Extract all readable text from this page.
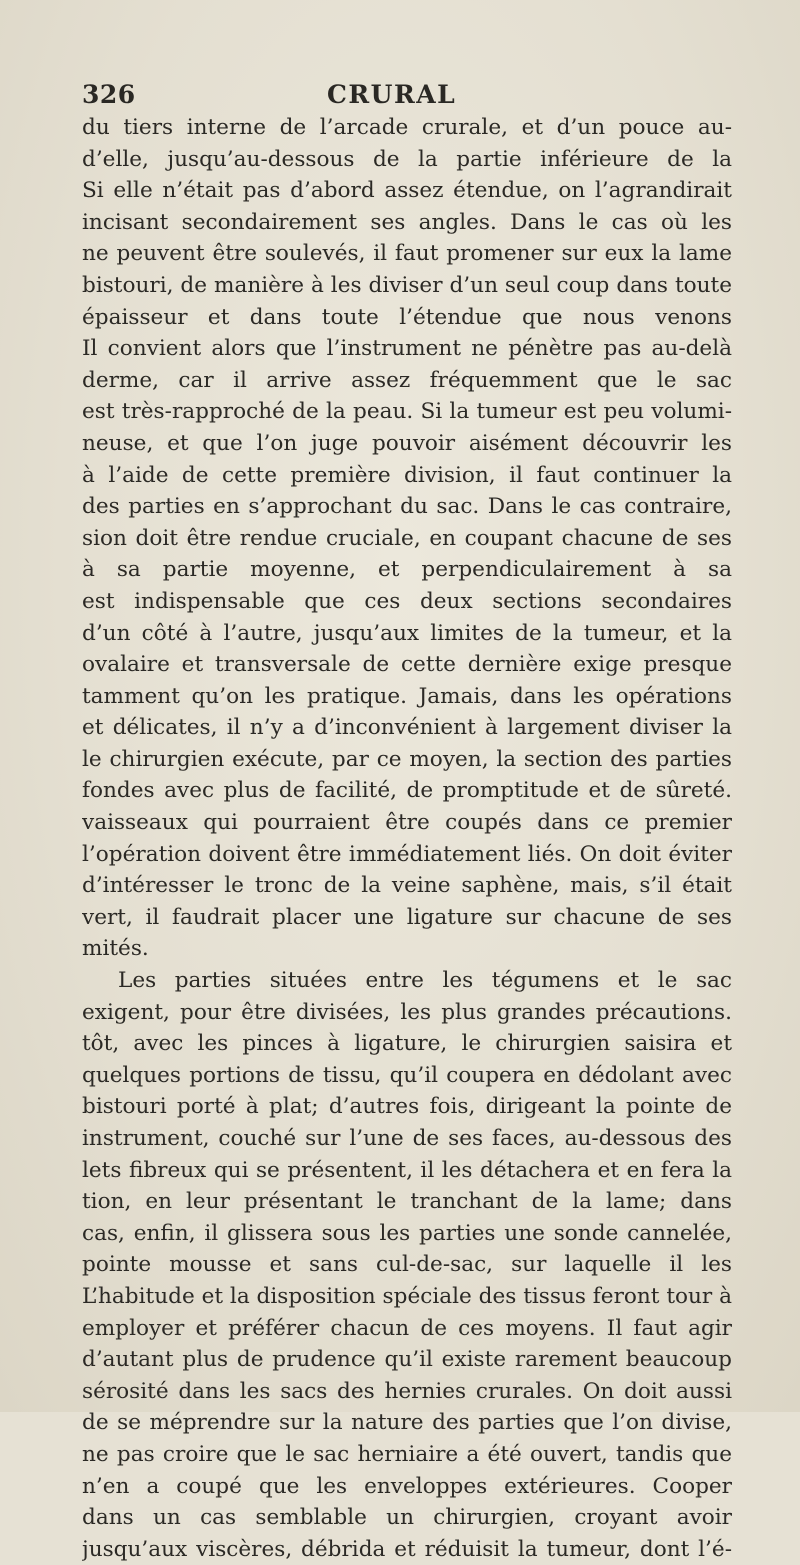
326	CRURAL
du tiers interne de l’arcade crurale, et d’un pouce au-
d’elle, jusqu’au-dessous de la partie inférieure de la
Si elle n’était pas d’abord assez étendue, on l’agrandirait
incisant secondairement ses angles. Dans le cas où les
ne peuvent être soulevés, il faut promener sur eux la lame
bistouri, de manière à les diviser d’un seul coup dans toute
épaisseur et dans toute l’étendue que nous venons
Il convient alors que l’instrument ne pénètre pas au-delà
derme, car il arrive assez fréquemment que le sac
est très-rapproché de la peau. Si la tumeur est peu volumi-
neuse, et que l’on juge pouvoir aisément découvrir les
à l’aide de cette première division, il faut continuer la
des parties en s’approchant du sac. Dans le cas contraire,
sion doit être rendue cruciale, en coupant chacune de ses
à sa partie moyenne, et perpendiculairement à sa
est indispensable que ces deux sections secondaires
d’un côté à l’autre, jusqu’aux limites de la tumeur, et la
ovalaire et transversale de cette dernière exige presque
tamment qu’on les pratique. Jamais, dans les opérations
et délicates, il n’y a d’inconvénient à largement diviser la
le chirurgien exécute, par ce moyen, la section des parties
fondes avec plus de facilité, de promptitude et de sûreté.
vaisseaux qui pourraient être coupés dans ce premier
l’opération doivent être immédiatement liés. On doit éviter
d’intéresser le tronc de la veine saphène, mais, s’il était
vert, il faudrait placer une ligature sur chacune de ses
mités.
Les parties situées entre les tégumens et le sac
exigent, pour être divisées, les plus grandes précautions.
tôt, avec les pinces à ligature, le chirurgien saisira et
quelques portions de tissu, qu’il coupera en dédolant avec
bistouri porté à plat; d’autres fois, dirigeant la pointe de
instrument, couché sur l’une de ses faces, au-dessous des
lets fibreux qui se présentent, il les détachera et en fera la
tion, en leur présentant le tranchant de la lame; dans
cas, enfin, il glissera sous les parties une sonde cannelée,
pointe mousse et sans cul-de-sac, sur laquelle il les
L’habitude et la disposition spéciale des tissus feront tour à
employer et préférer chacun de ces moyens. Il faut agir
d’autant plus de prudence qu’il existe rarement beaucoup
sérosité dans les sacs des hernies crurales. On doit aussi
de se méprendre sur la nature des parties que l’on divise,
ne pas croire que le sac herniaire a été ouvert, tandis que
n’en a coupé que les enveloppes extérieures. Cooper
dans un cas semblable un chirurgien, croyant avoir
jusqu’aux viscères, débrida et réduisit la tumeur, dont l’é-
